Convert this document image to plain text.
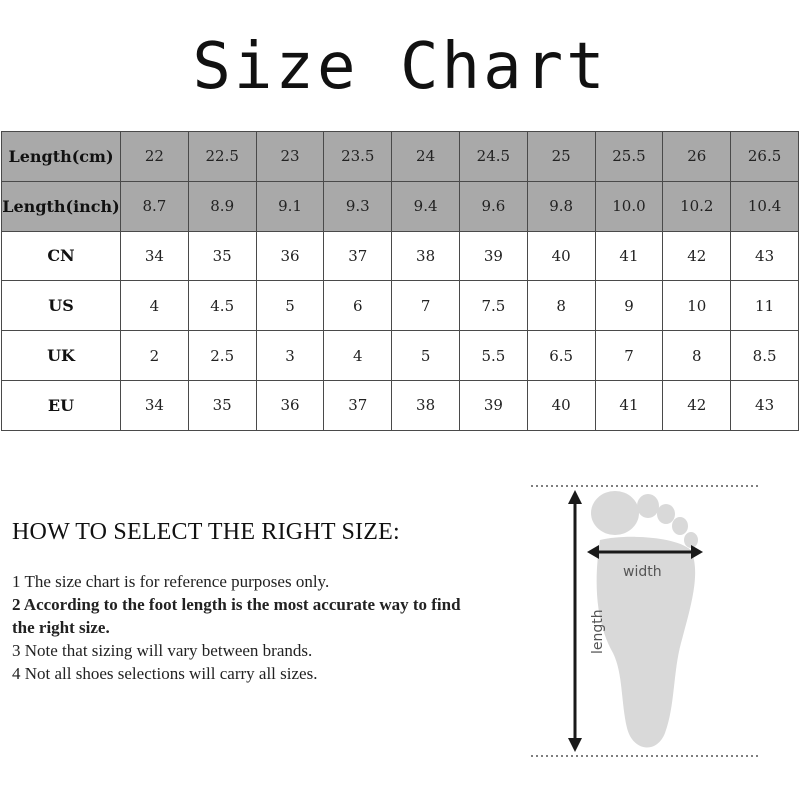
Size Chart
Length(cm)	22	22.5	23	23.5	24	24.5	25	25.5	26	26.5
Length(inch)	8.7	8.9	9.1	9.3	9.4	9.6	9.8	10.0	10.2	10.4
CN	34	35	36	37	38	39	40	41	42	43
US	4	4.5	5	6	7	7.5	8	9	10	11
UK	2	2.5	3	4	5	5.5	6.5	7	8	8.5
EU	34	35	36	37	38	39	40	41	42	43
HOW TO SELECT THE RIGHT SIZE:
1 The size chart is for reference purposes only.
2 According to the foot length is the most accurate way to find the right size.
3 Note that sizing will vary between brands.
4 Not all shoes selections will carry all sizes.
width
length
